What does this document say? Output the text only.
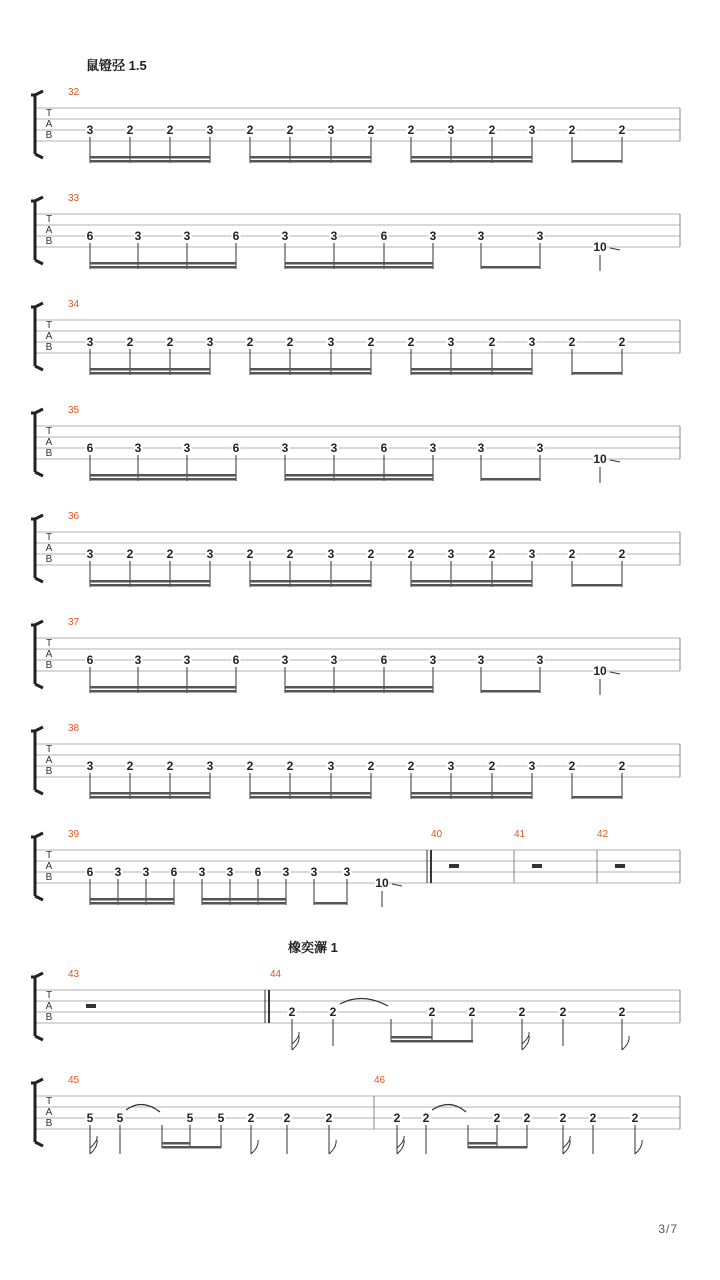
鼠镫弪 1.5
橡奕澥 1
32
T
A
B	3	2	2	3	2	2	3	2	2	3	2	3	2	2
33
T
A
B	6	3	3	6	3	3	6	3	3	3
10
34
T
A
B	3	2	2	3	2	2	3	2	2	3	2	3	2	2
35
T
A
B	6	3	3	6	3	3	6	3	3	3
10
36
T
A
B	3	2	2	3	2	2	3	2	2	3	2	3	2	2
37
T
A
B	6	3	3	6	3	3	6	3	3	3
10
38
T
A
B	3	2	2	3	2	2	3	2	2	3	2	3	2	2
T
A
B	6 3 3 6 3 3 6 3 3 3
10
39	40	41	42
T
A
B
43	44
2	2	2	2	2	2	2
T
A
B
45	46
5 5	5 5 2 2	2	2 2	2 2 2 2	2
3/7
